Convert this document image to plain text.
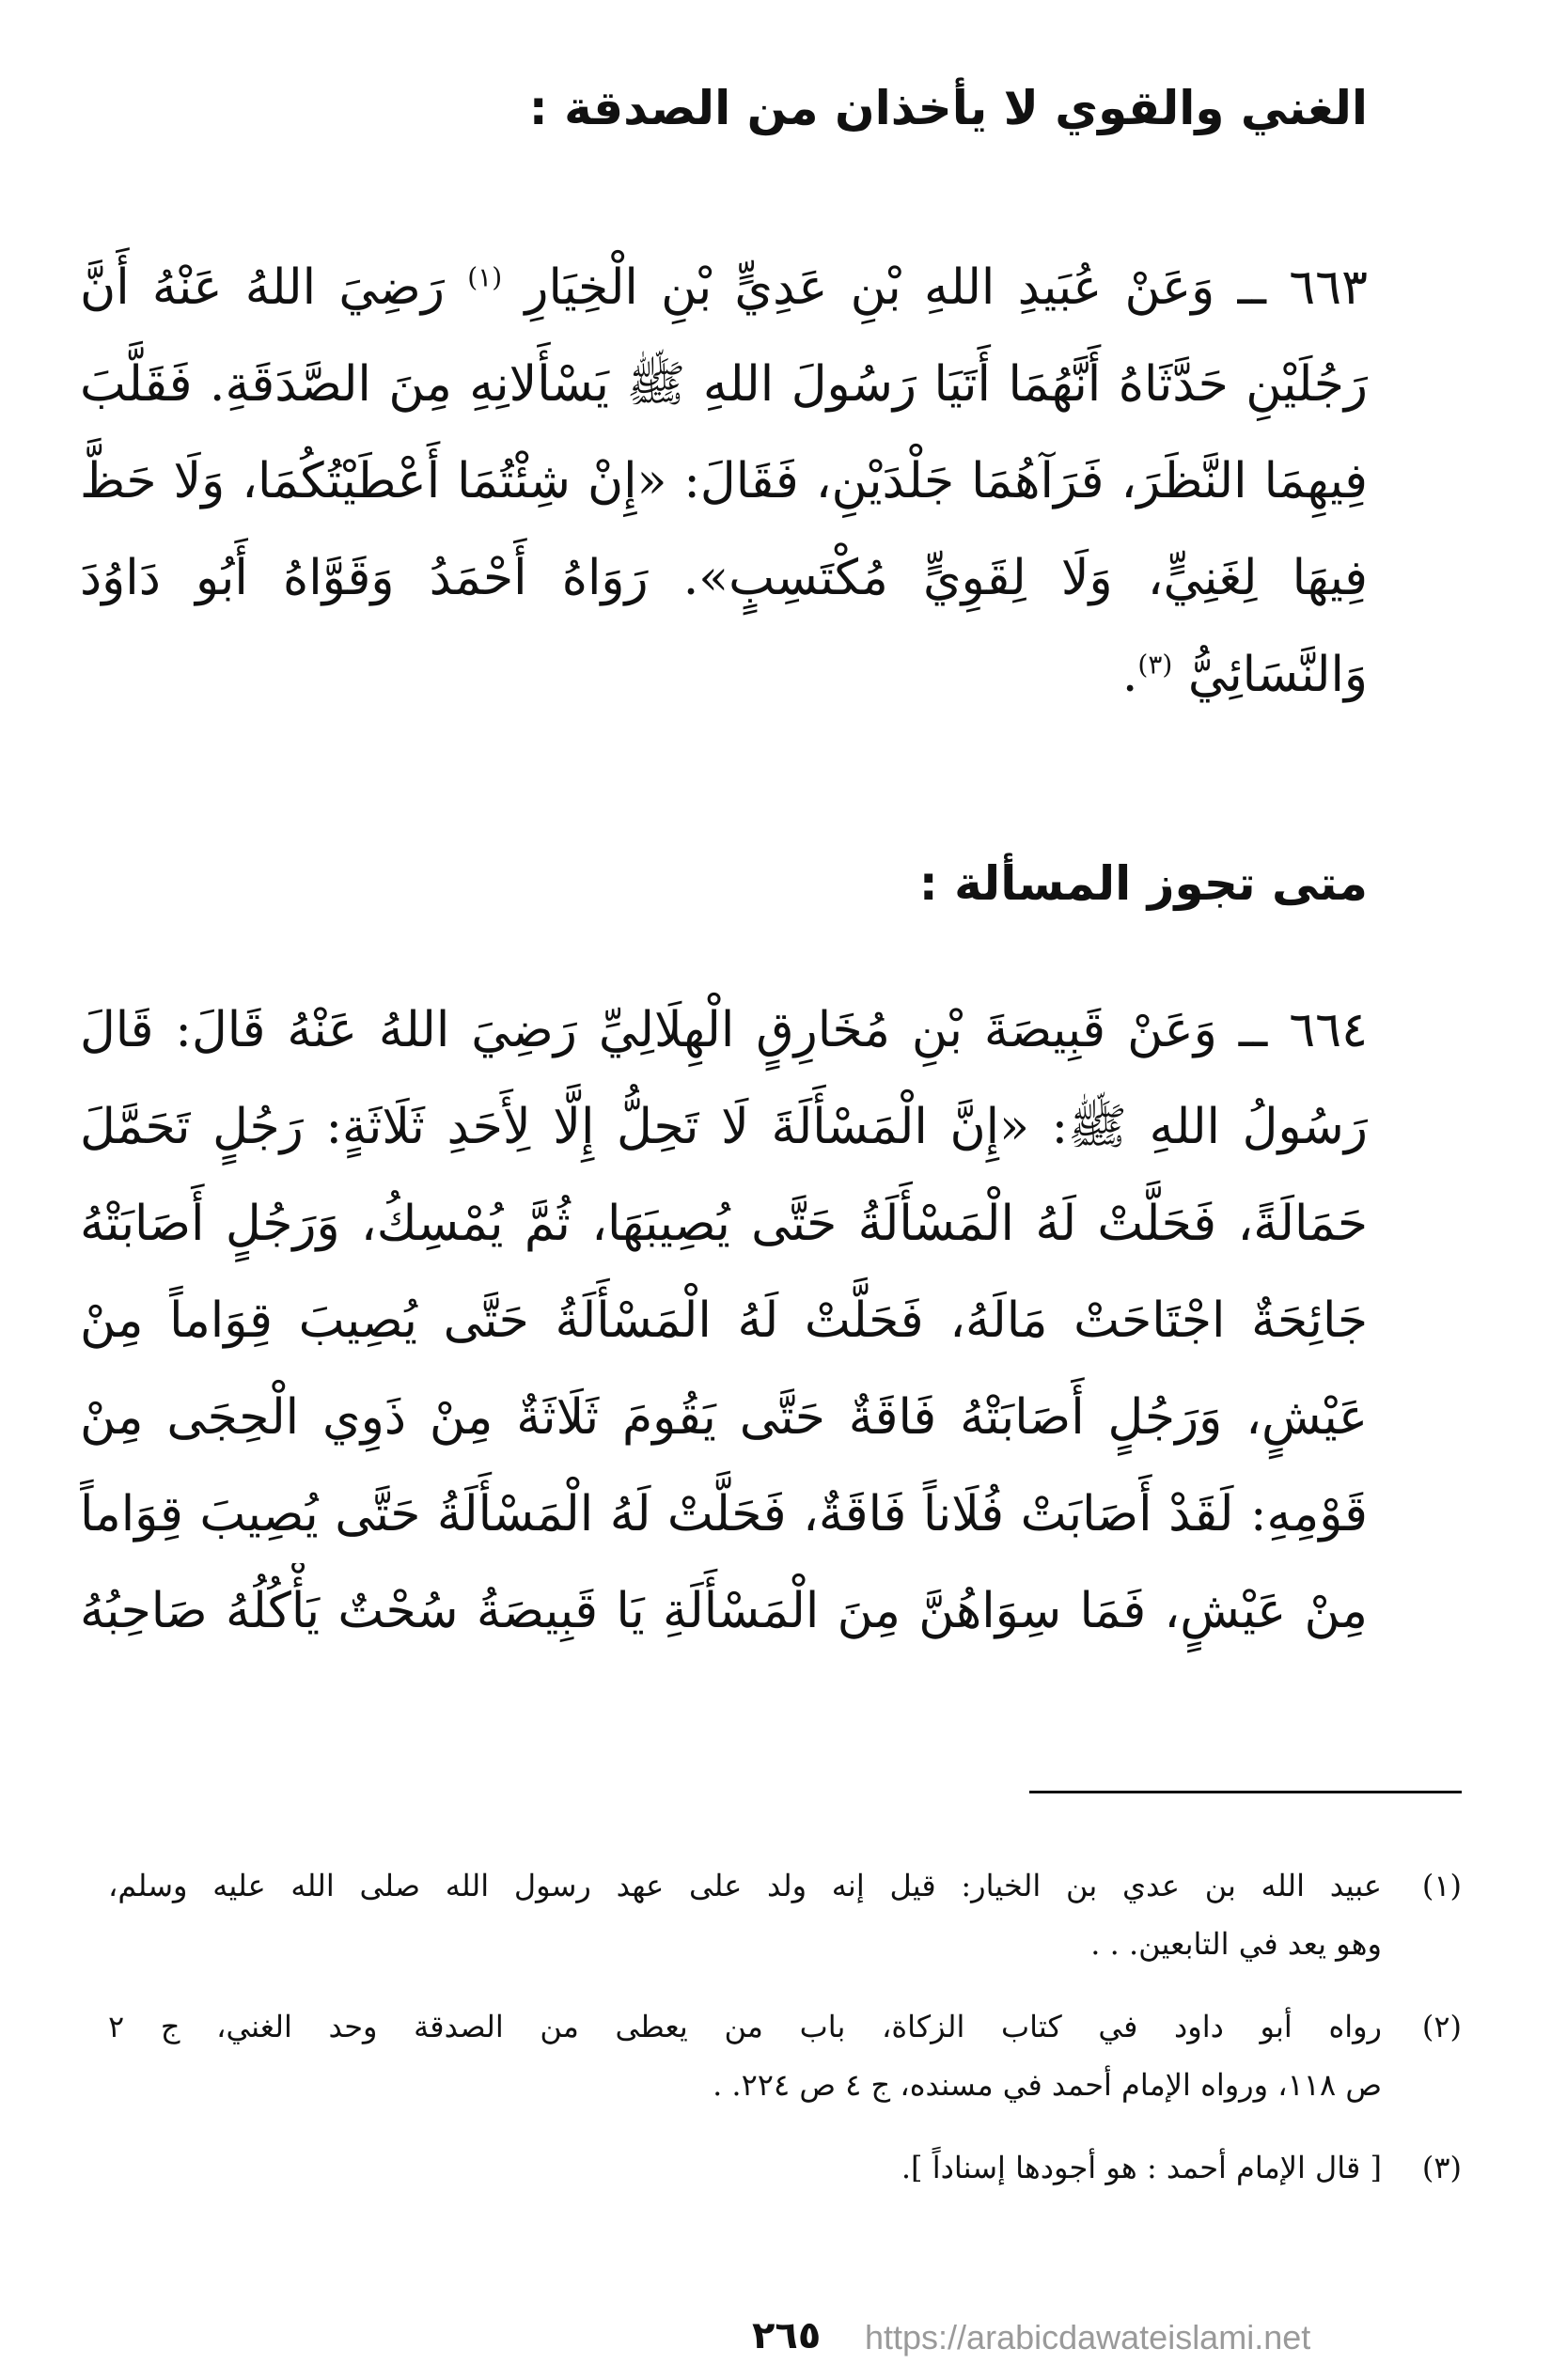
الغني والقوي لا يأخذان من الصدقة :
٦٦٣ ــ وَعَنْ عُبَيدِ اللهِ بْنِ عَدِيٍّ بْنِ الْخِيَارِ $^{(١)}$ رَضِيَ اللهُ عَنْهُ أَنَّ
رَجُلَيْنِ حَدَّثَاهُ أَنَّهُمَا أَتَيَا رَسُولَ اللهِ ﷺ يَسْأَلانِهِ مِنَ الصَّدَقَةِ. فَقَلَّبَ
فِيهِمَا النَّظَرَ، فَرَآهُمَا جَلْدَيْنِ، فَقَالَ: «إِنْ شِئْتُمَا أَعْطَيْتُكُمَا، وَلَا حَظَّ
فِيهَا لِغَنِيٍّ، وَلَا لِقَوِيٍّ مُكْتَسِبٍ». رَوَاهُ أَحْمَدُ وَقَوَّاهُ أَبُو دَاوُدَ
وَالنَّسَائِيُّ $^{(٣)}$.
متى تجوز المسألة :
٦٦٤ ــ وَعَنْ قَبِيصَةَ بْنِ مُخَارِقٍ الْهِلَالِيِّ رَضِيَ اللهُ عَنْهُ قَالَ: قَالَ
رَسُولُ اللهِ ﷺ: «إِنَّ الْمَسْأَلَةَ لَا تَحِلُّ إِلَّا لِأَحَدِ ثَلَاثَةٍ: رَجُلٍ تَحَمَّلَ
حَمَالَةً، فَحَلَّتْ لَهُ الْمَسْأَلَةُ حَتَّى يُصِيبَهَا، ثُمَّ يُمْسِكُ، وَرَجُلٍ أَصَابَتْهُ
جَائِحَةٌ اجْتَاحَتْ مَالَهُ، فَحَلَّتْ لَهُ الْمَسْأَلَةُ حَتَّى يُصِيبَ قِوَاماً مِنْ
عَيْشٍ، وَرَجُلٍ أَصَابَتْهُ فَاقَةٌ حَتَّى يَقُومَ ثَلَاثَةٌ مِنْ ذَوِي الْحِجَى مِنْ
قَوْمِهِ: لَقَدْ أَصَابَتْ فُلَاناً فَاقَةٌ، فَحَلَّتْ لَهُ الْمَسْأَلَةُ حَتَّى يُصِيبَ قِوَاماً
مِنْ عَيْشٍ، فَمَا سِوَاهُنَّ مِنَ الْمَسْأَلَةِ يَا قَبِيصَةُ سُحْتٌ يَأْكُلُهُ صَاحِبُهُ
(١)
عبيد الله بن عدي بن الخيار: قيل إنه ولد على عهد رسول الله صلى الله عليه وسلم،
وهو يعد في التابعين. . .
(٢)
رواه أبو داود في كتاب الزكاة، باب من يعطى من الصدقة وحد الغني، ج ٢
ص ١١٨، ورواه الإمام أحمد في مسنده، ج ٤ ص ٢٢٤. .
(٣)
[ قال الإمام أحمد : هو أجودها إسناداً ].
٢٦٥ https://arabicdawateislami.net
